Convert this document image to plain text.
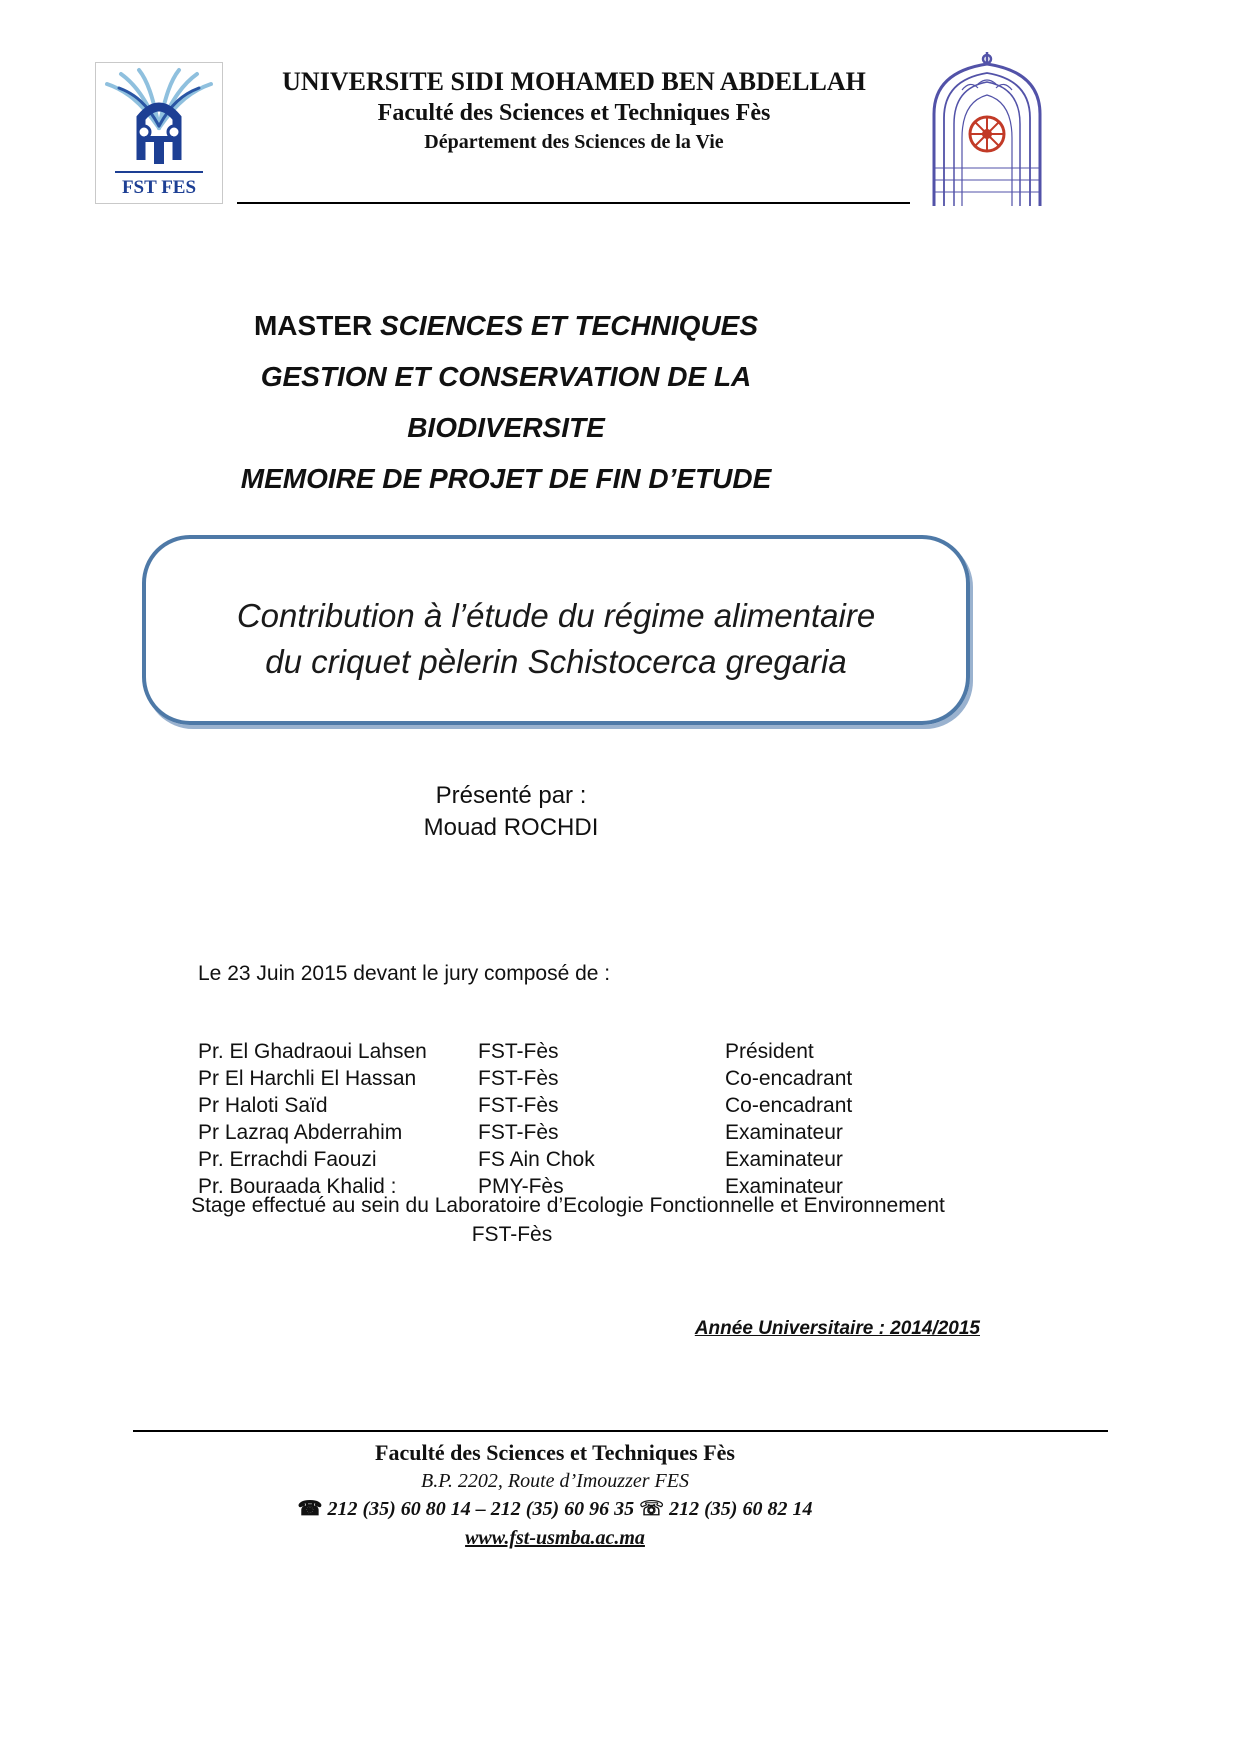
FST FES
UNIVERSITE SIDI MOHAMED BEN ABDELLAH
Faculté des Sciences et Techniques Fès
Département des Sciences de la Vie
MASTER SCIENCES ET TECHNIQUES
GESTION ET CONSERVATION DE LA
BIODIVERSITE
MEMOIRE DE PROJET DE FIN D’ETUDE
Contribution à l’étude du régime alimentaire
du criquet pèlerin Schistocerca gregaria
Présenté par :
Mouad ROCHDI
Le 23 Juin 2015 devant le jury composé de :
Pr. El Ghadraoui Lahsen	FST-Fès	Président
Pr El Harchli El Hassan	FST-Fès	Co-encadrant
Pr Haloti Saïd	FST-Fès	Co-encadrant
Pr Lazraq Abderrahim	FST-Fès	Examinateur
Pr. Errachdi Faouzi	FS Ain Chok	Examinateur
Pr. Bouraada Khalid :	PMY-Fès	Examinateur
Stage effectué au sein du Laboratoire d’Ecologie Fonctionnelle et Environnement
FST-Fès
Année Universitaire : 2014/2015
Faculté des Sciences et Techniques Fès
B.P. 2202, Route d’Imouzzer FES
☎ 212 (35) 60 80 14 – 212 (35) 60 96 35 ☏ 212 (35) 60 82 14
www.fst-usmba.ac.ma
